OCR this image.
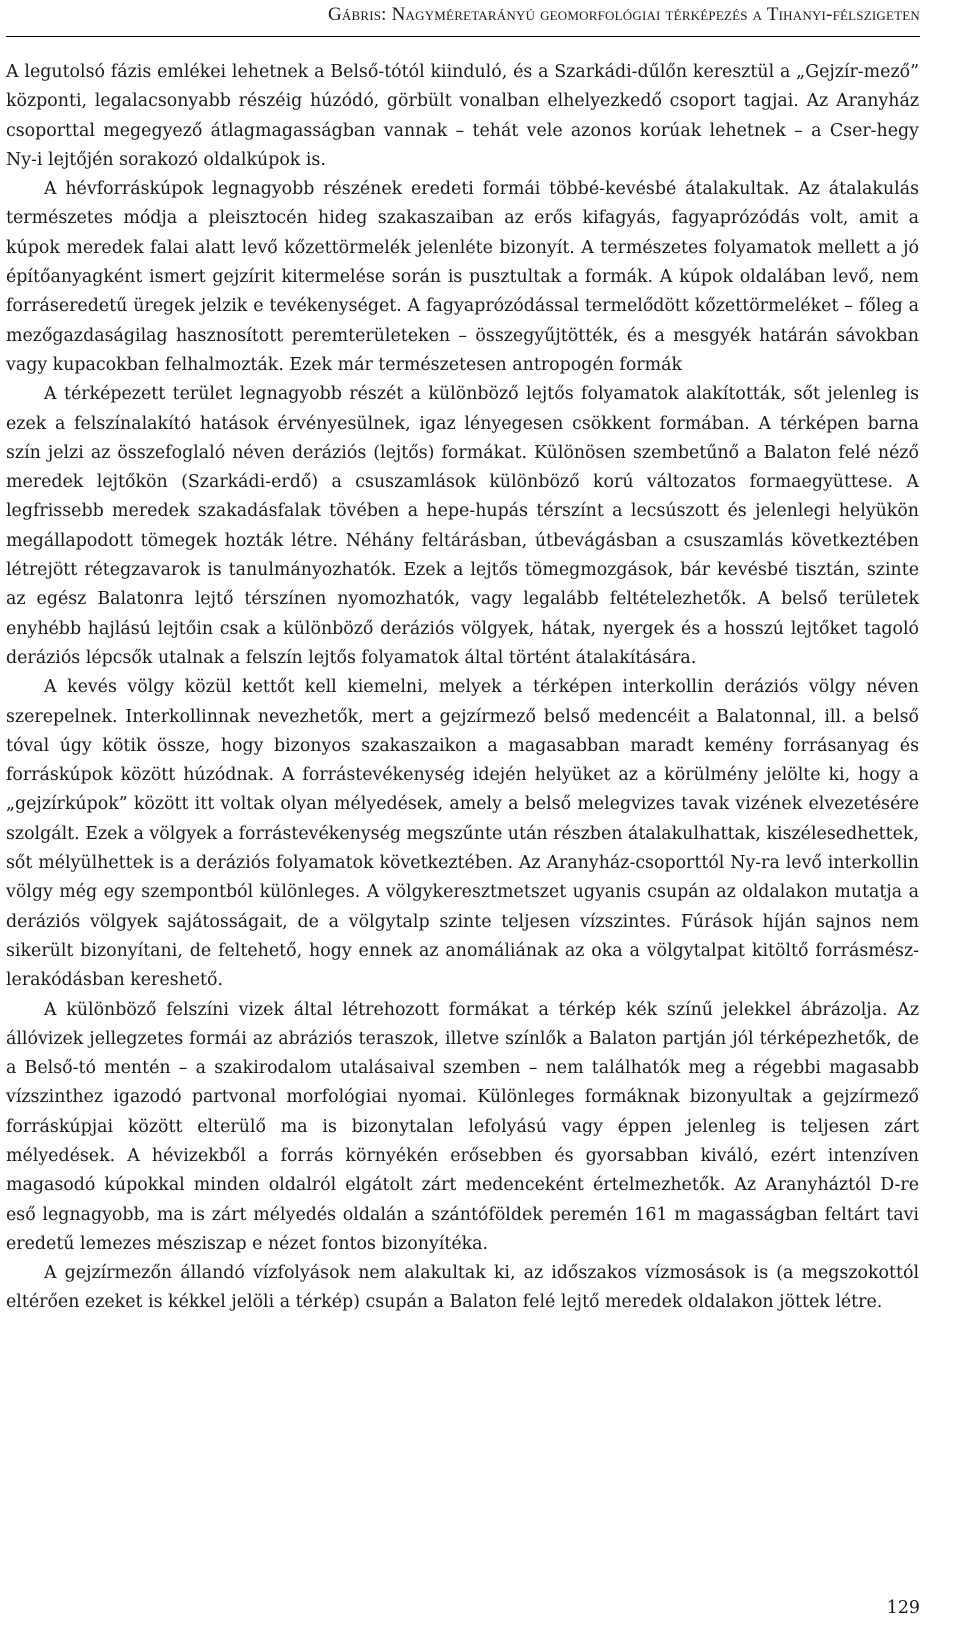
Gábris: Nagyméretarányú geomorfológiai térképezés a Tihanyi-félszigeten

A legutolsó fázis emlékei lehetnek a Belső-tótól kiinduló, és a Szarkádi-dűlőn keresztül a „Gejzír-mező” központi, legalacsonyabb részéig húzódó, görbült vonalban elhelyezkedő csoport tagjai. Az Aranyház csoporttal megegyező átlagmagasságban vannak – tehát vele azonos korúak lehetnek – a Cser-hegy Ny-i lejtőjén sorakozó oldalkúpok is.

A hévforráskúpok legnagyobb részének eredeti formái többé-kevésbé átalakultak. Az átalakulás természetes módja a pleisztocén hideg szakaszaiban az erős kifagyás, fagyaprózódás volt, amit a kúpok meredek falai alatt levő kőzettörmelék jelenléte bizonyít. A természetes folyamatok mellett a jó építőanyagként ismert gejzírit kitermelése során is pusztultak a formák. A kúpok oldalában levő, nem forráseredetű üregek jelzik e tevékenységet. A fagyaprózódással termelődött kőzettörmeléket – főleg a mezőgazdaságilag hasznosított peremterületeken – összegyűjtötték, és a mesgyék határán sávokban vagy kupacokban felhalmozták. Ezek már természetesen antropogén formák

A térképezett terület legnagyobb részét a különböző lejtős folyamatok alakították, sőt jelenleg is ezek a felszínalakító hatások érvényesülnek, igaz lényegesen csökkent formában. A térképen barna szín jelzi az összefoglaló néven deráziós (lejtős) formákat. Különösen szembetűnő a Balaton felé néző meredek lejtőkön (Szarkádi-erdő) a csuszamlások különböző korú változatos formaegyüttese. A legfrissebb meredek szakadásfalak tövében a hepe-hupás térszínt a lecsúszott és jelenlegi helyükön megállapodott tömegek hozták létre. Néhány feltárásban, útbevágásban a csuszamlás következtében létrejött rétegzavarok is tanulmányozhatók. Ezek a lejtős tömegmozgások, bár kevésbé tisztán, szinte az egész Balatonra lejtő térszínen nyomozhatók, vagy legalább feltételezhetők. A belső területek enyhébb hajlású lejtőin csak a különböző deráziós völgyek, hátak, nyergek és a hosszú lejtőket tagoló deráziós lépcsők utalnak a felszín lejtős folyamatok által történt átalakítására.

A kevés völgy közül kettőt kell kiemelni, melyek a térképen interkollin deráziós völgy néven szerepelnek. Interkollinnak nevezhetők, mert a gejzírmező belső medencéit a Balatonnal, ill. a belső tóval úgy kötik össze, hogy bizonyos szakaszaikon a magasabban maradt kemény forrásanyag és forráskúpok között húzódnak. A forrástevékenység idején helyüket az a körülmény jelölte ki, hogy a „gejzírkúpok” között itt voltak olyan mélyedések, amely a belső melegvizes tavak vizének elvezetésére szolgált. Ezek a völgyek a forrástevékenység megszűnte után részben átalakulhattak, kiszélesedhettek, sőt mélyülhettek is a deráziós folyamatok következtében. Az Aranyház-csoporttól Ny-ra levő interkollin völgy még egy szempontból különleges. A völgykeresztmetszet ugyanis csupán az oldalakon mutatja a deráziós völgyek sajátosságait, de a völgytalp szinte teljesen vízszintes. Fúrások híján sajnos nem sikerült bizonyítani, de feltehető, hogy ennek az anomáliának az oka a völgytalpat kitöltő forrásmész-lerakódásban kereshető.

A különböző felszíni vizek által létrehozott formákat a térkép kék színű jelekkel ábrázolja. Az állóvizek jellegzetes formái az abráziós teraszok, illetve színlők a Balaton partján jól térképezhetők, de a Belső-tó mentén – a szakirodalom utalásaival szemben – nem találhatók meg a régebbi magasabb vízszinthez igazodó partvonal morfológiai nyomai. Különleges formáknak bizonyultak a gejzírmező forráskúpjai között elterülő ma is bizonytalan lefolyású vagy éppen jelenleg is teljesen zárt mélyedések. A hévizekből a forrás környékén erősebben és gyorsabban kiváló, ezért intenzíven magasodó kúpokkal minden oldalról elgátolt zárt medenceként értelmezhetők. Az Aranyháztól D-re eső legnagyobb, ma is zárt mélyedés oldalán a szántóföldek peremén 161 m magasságban feltárt tavi eredetű lemezes mésziszap e nézet fontos bizonyítéka.

A gejzírmezőn állandó vízfolyások nem alakultak ki, az időszakos vízmosások is (a megszokottól eltérően ezeket is kékkel jelöli a térkép) csupán a Balaton felé lejtő meredek oldalakon jöttek létre.

129
